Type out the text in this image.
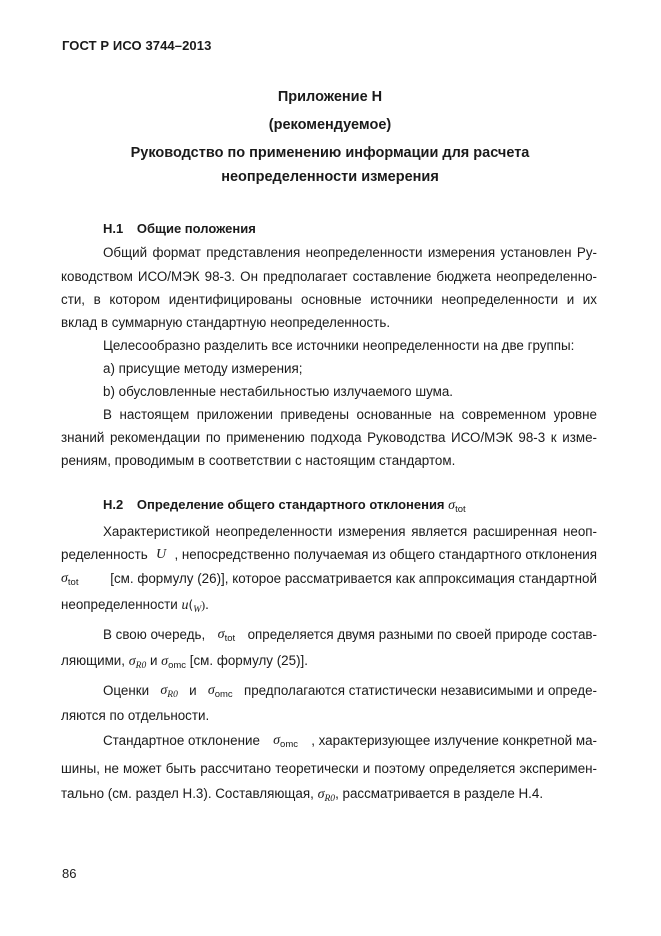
ГОСТ Р ИСО 3744–2013
Приложение Н
(рекомендуемое)
Руководство по применению информации для расчета
неопределенности измерения
Н.1 Общие положения
Общий формат представления неопределенности измерения установлен Ру-
ководством ИСО/МЭК 98-3. Он предполагает составление бюджета неопределенно-
сти, в котором идентифицированы основные источники неопределенности и их
вклад в суммарную стандартную неопределенность.
Целесообразно разделить все источники неопределенности на две группы:
а) присущие методу измерения;
b) обусловленные нестабильностью излучаемого шума.
В настоящем приложении приведены основанные на современном уровне
знаний рекомендации по применению подхода Руководства ИСО/МЭК 98-3 к изме-
рениям, проводимым в соответствии с настоящим стандартом.
Н.2 Определение общего стандартного отклонения $\sigma_{tot}$
Характеристикой неопределенности измерения является расширенная неоп-
ределенность U , непосредственно получаемая из общего стандартного отклонения
$\sigma_{tot}$ [см. формулу (26)], которое рассматривается как аппроксимация стандартной
неопределенности $u(_W)$.
В свою очередь, $\sigma_{tot}$ определяется двумя разными по своей природе состав-
ляющими, $\sigma_{R0}$ и $\sigma_{omc}$ [см. формулу (25)].
Оценки $\sigma_{R0}$ и $\sigma_{omc}$ предполагаются статистически независимыми и опреде-
ляются по отдельности.
Стандартное отклонение $\sigma_{omc}$ , характеризующее излучение конкретной ма-
шины, не может быть рассчитано теоретически и поэтому определяется эксперимен-
тально (см. раздел Н.3). Составляющая, $\sigma_{R0}$, рассматривается в разделе Н.4.
86
